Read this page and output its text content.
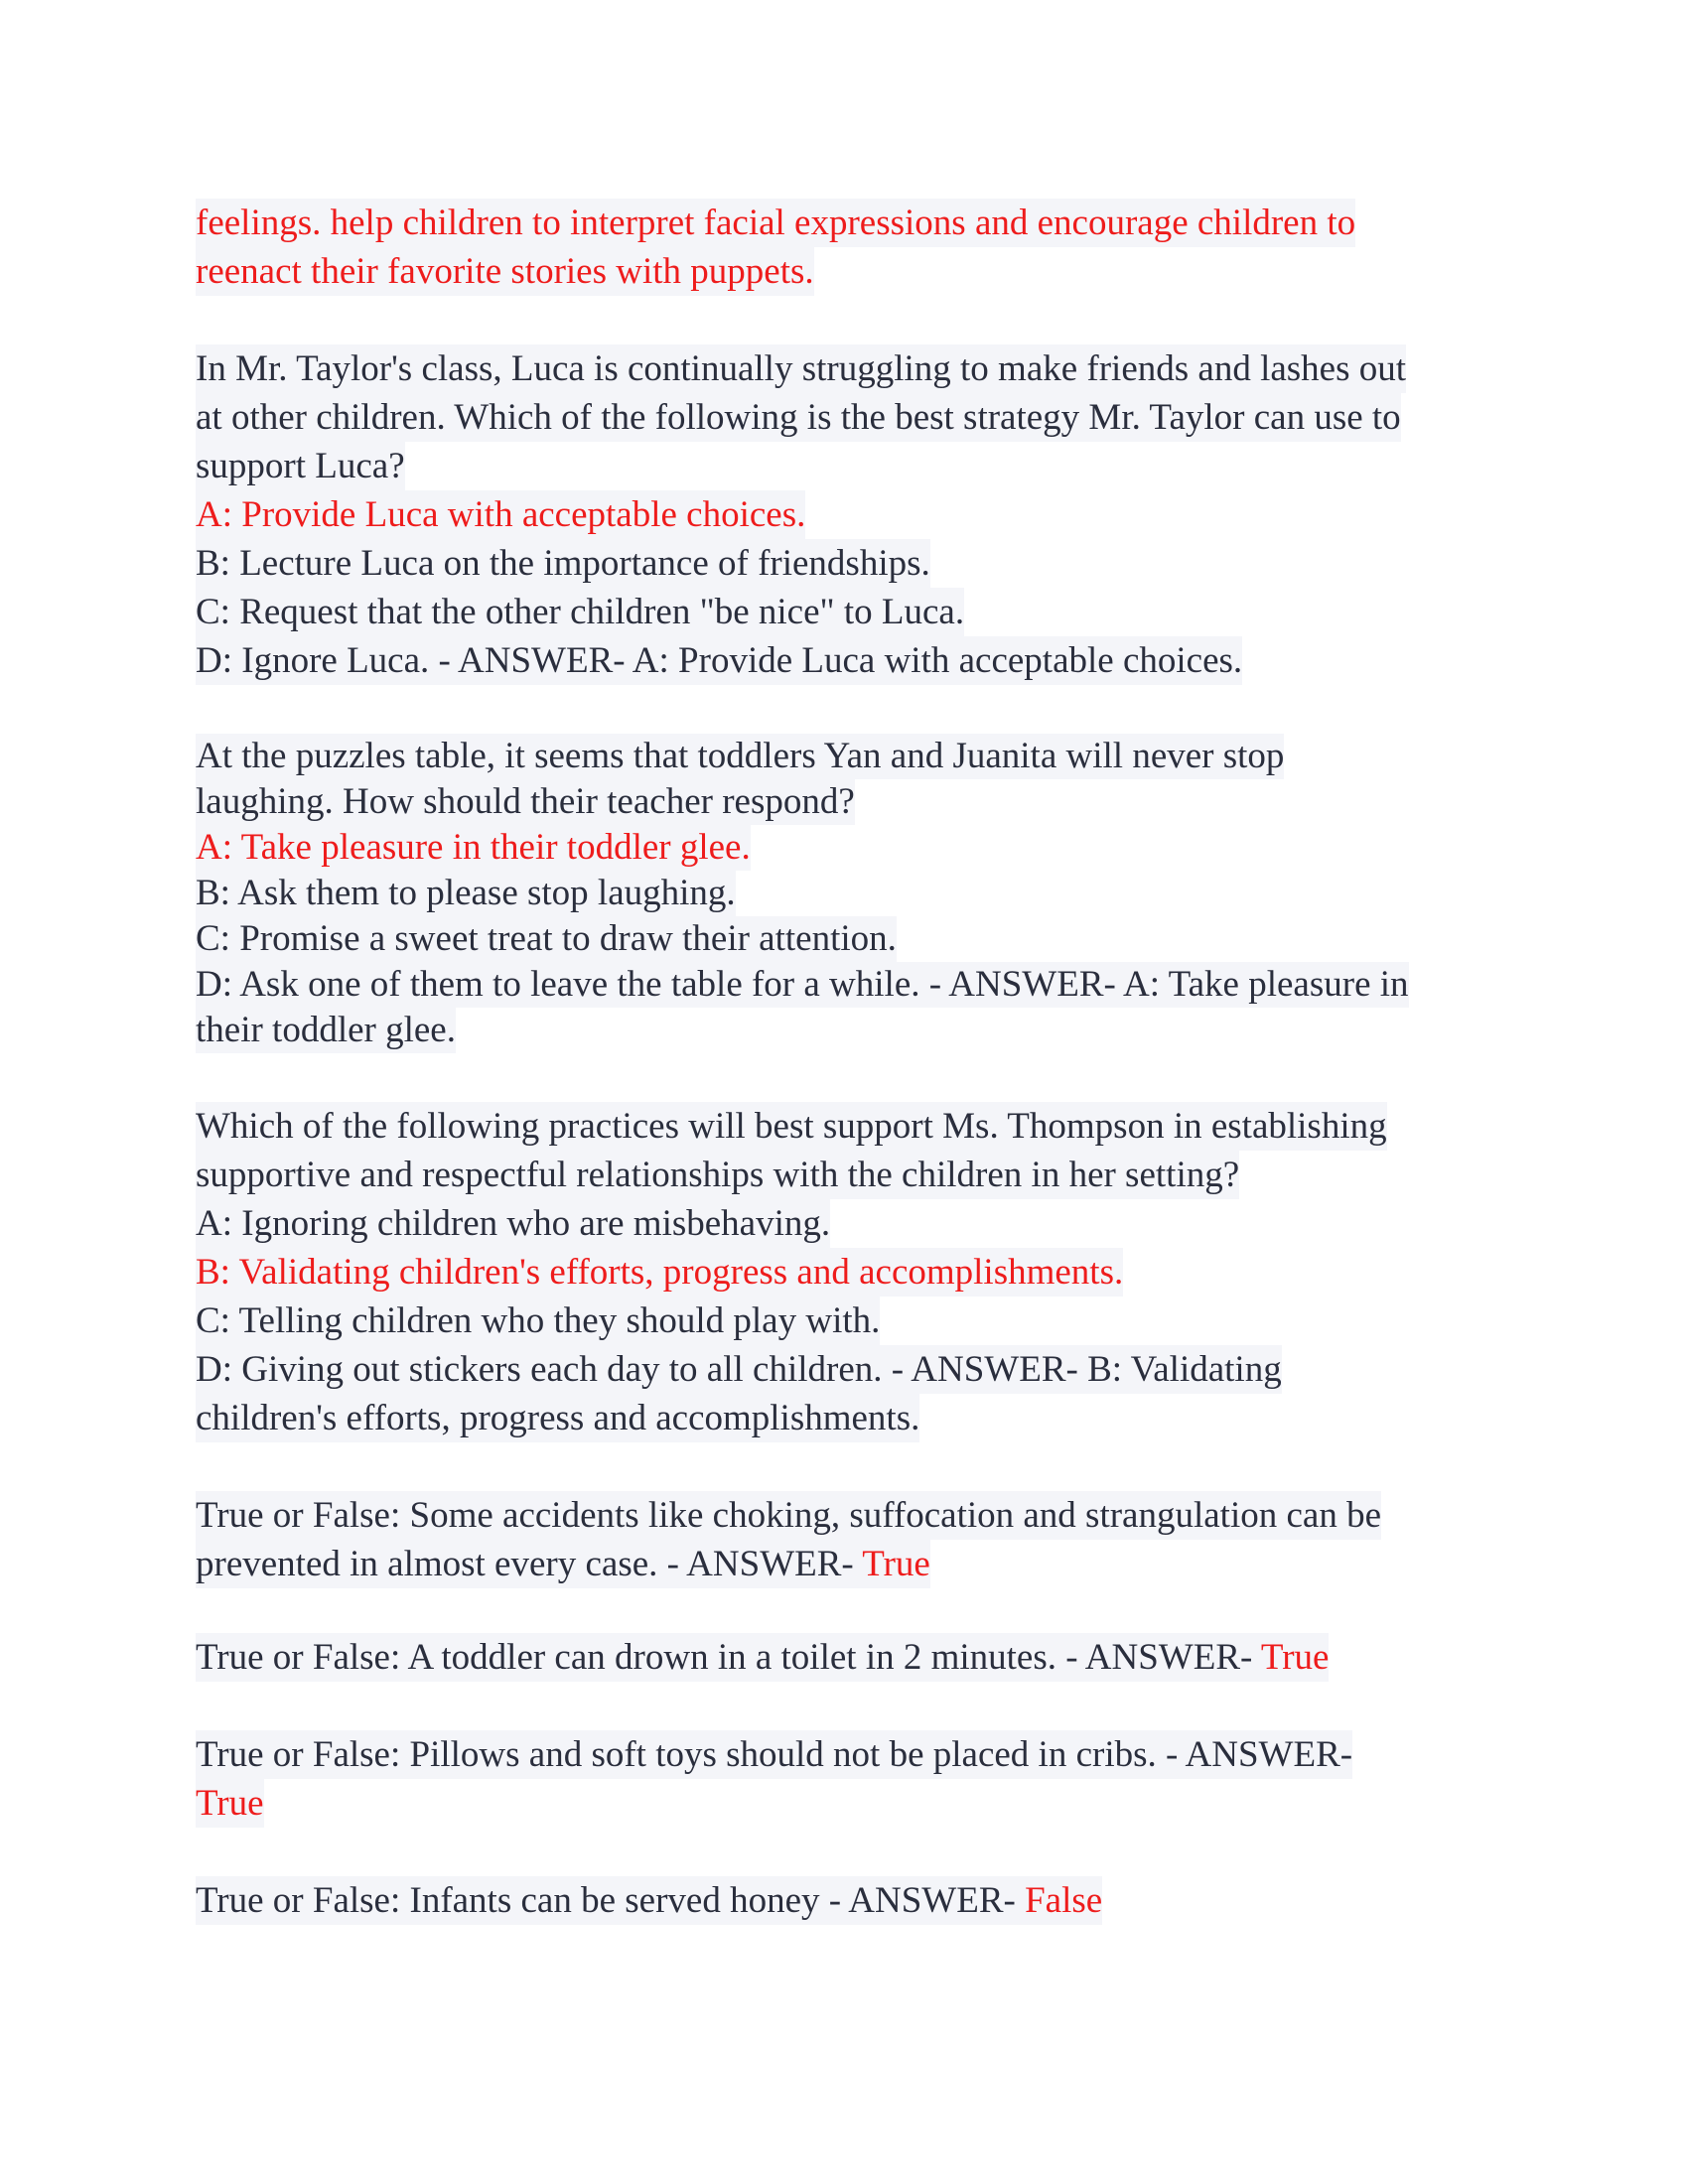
feelings. help children to interpret facial expressions and encourage children to
reenact their favorite stories with puppets.
In Mr. Taylor's class, Luca is continually struggling to make friends and lashes out
at other children. Which of the following is the best strategy Mr. Taylor can use to
support Luca?
A: Provide Luca with acceptable choices.
B: Lecture Luca on the importance of friendships.
C: Request that the other children "be nice" to Luca.
D: Ignore Luca. - ANSWER- A: Provide Luca with acceptable choices.
At the puzzles table, it seems that toddlers Yan and Juanita will never stop
laughing. How should their teacher respond?
A: Take pleasure in their toddler glee.
B: Ask them to please stop laughing.
C: Promise a sweet treat to draw their attention.
D: Ask one of them to leave the table for a while. - ANSWER- A: Take pleasure in
their toddler glee.
Which of the following practices will best support Ms. Thompson in establishing
supportive and respectful relationships with the children in her setting?
A: Ignoring children who are misbehaving.
B: Validating children's efforts, progress and accomplishments.
C: Telling children who they should play with.
D: Giving out stickers each day to all children. - ANSWER- B: Validating
children's efforts, progress and accomplishments.
True or False: Some accidents like choking, suffocation and strangulation can be
prevented in almost every case. - ANSWER- True
True or False: A toddler can drown in a toilet in 2 minutes. - ANSWER- True
True or False: Pillows and soft toys should not be placed in cribs. - ANSWER-
True
True or False: Infants can be served honey - ANSWER- False
